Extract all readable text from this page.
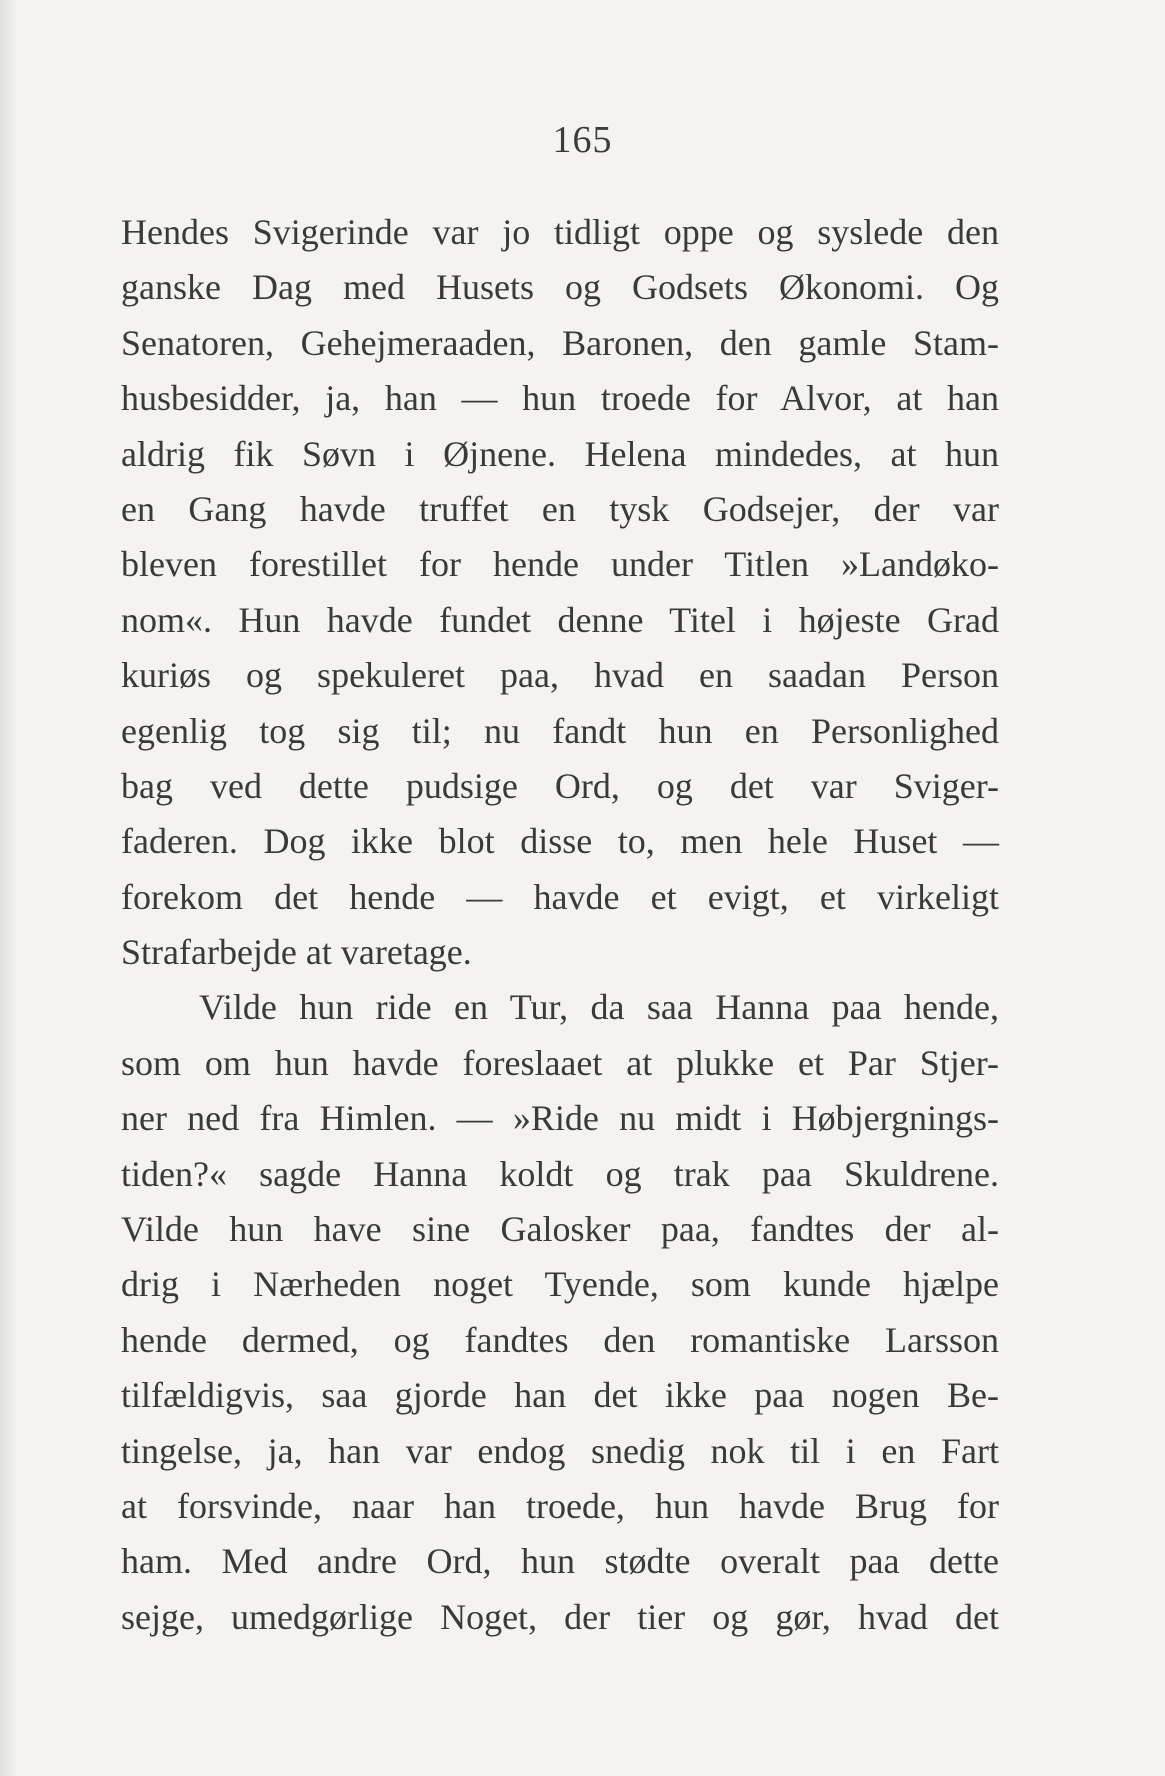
165
Hendes Svigerinde var jo tidligt oppe og syslede den
ganske Dag med Husets og Godsets Økonomi. Og
Senatoren, Gehejmeraaden, Baronen, den gamle Stam-
husbesidder, ja, han — hun troede for Alvor, at han
aldrig fik Søvn i Øjnene. Helena mindedes, at hun
en Gang havde truffet en tysk Godsejer, der var
bleven forestillet for hende under Titlen »Landøko-
nom«. Hun havde fundet denne Titel i højeste Grad
kuriøs og spekuleret paa, hvad en saadan Person
egenlig tog sig til; nu fandt hun en Personlighed
bag ved dette pudsige Ord, og det var Sviger-
faderen. Dog ikke blot disse to, men hele Huset —
forekom det hende — havde et evigt, et virkeligt
Strafarbejde at varetage.
Vilde hun ride en Tur, da saa Hanna paa hende,
som om hun havde foreslaaet at plukke et Par Stjer-
ner ned fra Himlen. — »Ride nu midt i Høbjergnings-
tiden?« sagde Hanna koldt og trak paa Skuldrene.
Vilde hun have sine Galosker paa, fandtes der al-
drig i Nærheden noget Tyende, som kunde hjælpe
hende dermed, og fandtes den romantiske Larsson
tilfældigvis, saa gjorde han det ikke paa nogen Be-
tingelse, ja, han var endog snedig nok til i en Fart
at forsvinde, naar han troede, hun havde Brug for
ham. Med andre Ord, hun stødte overalt paa dette
sejge, umedgørlige Noget, der tier og gør, hvad det
